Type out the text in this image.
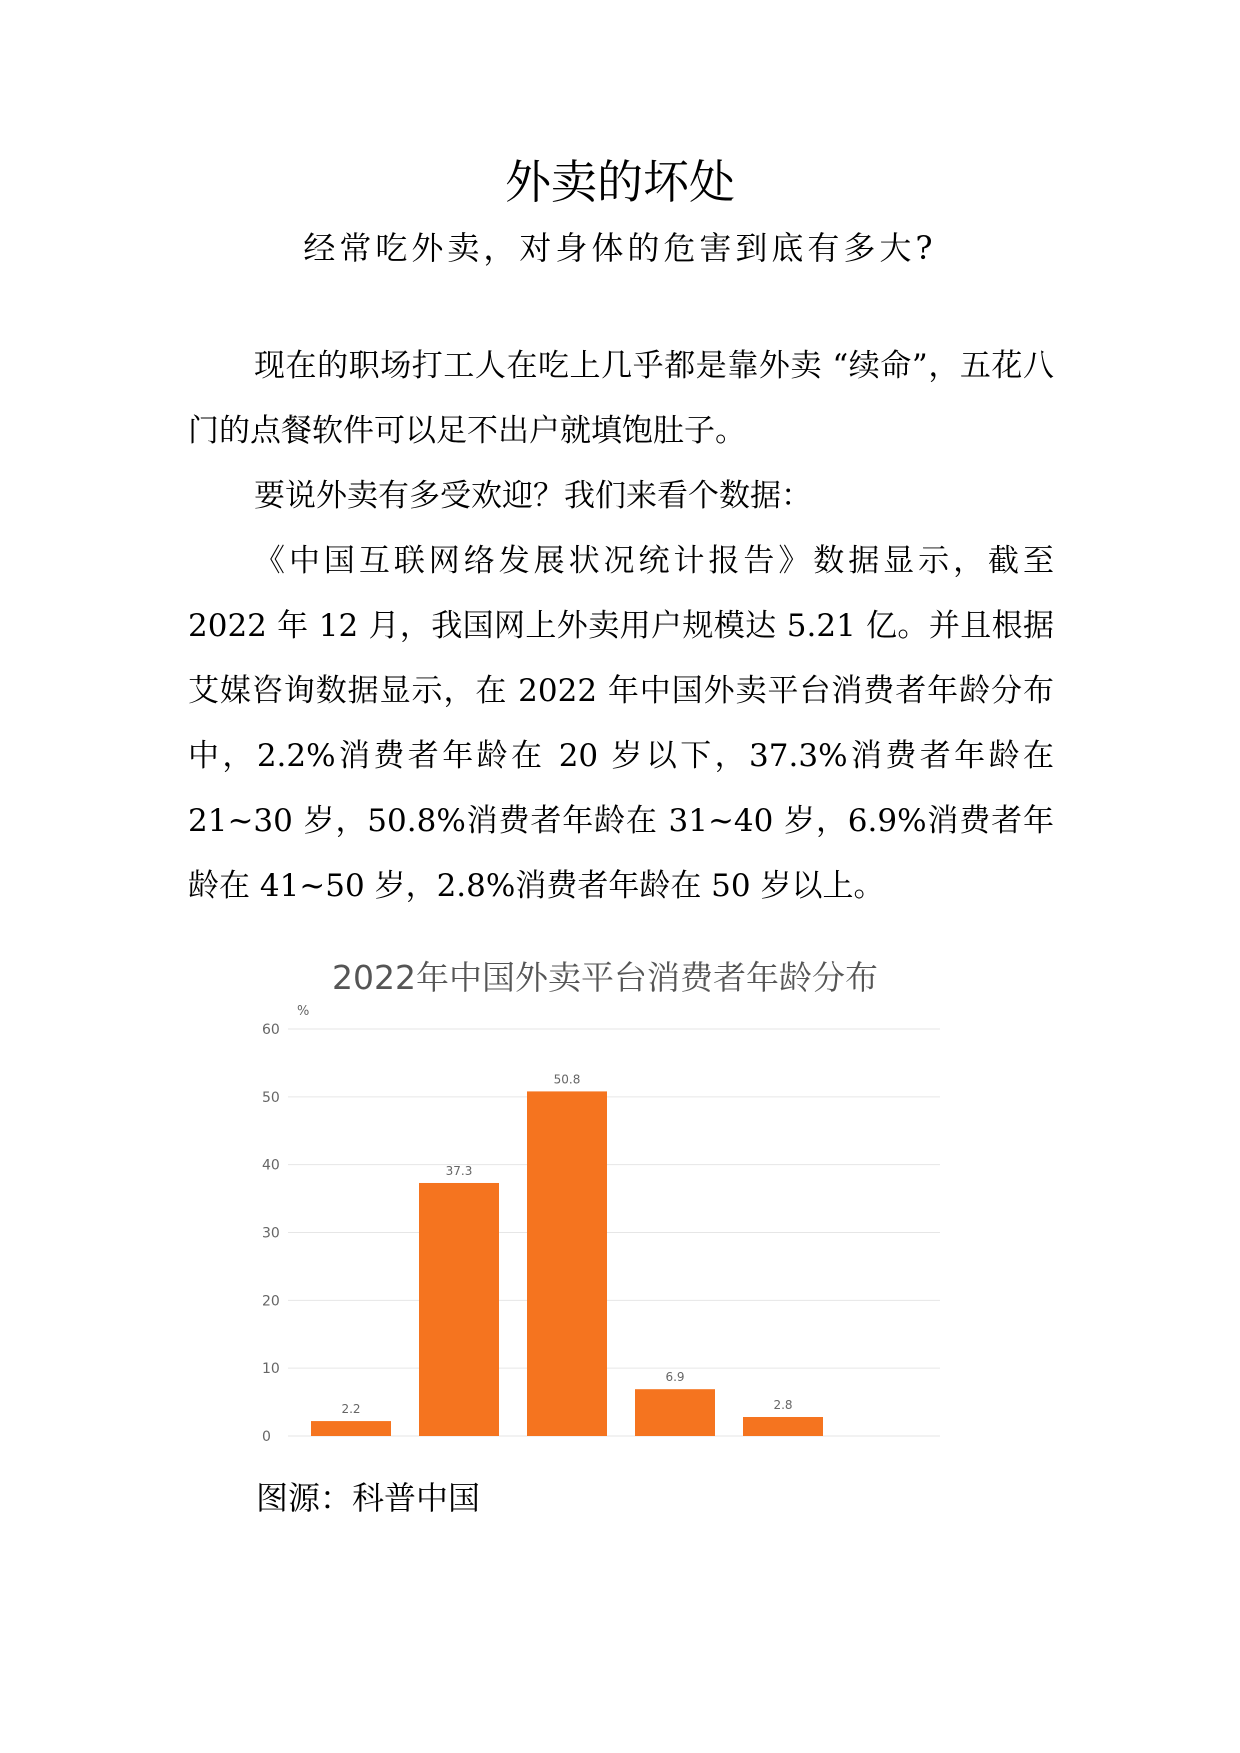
外卖的坏处
经常吃外卖，对身体的危害到底有多大?

现在的职场打工人在吃上几乎都是靠外卖 “续命”，五花八门的点餐软件可以足不出户就填饱肚子。

要说外卖有多受欢迎？我们来看个数据：

《中国互联网络发展状况统计报告》数据显示，截至 2022 年 12 月，我国网上外卖用户规模达 5.21 亿。并且根据艾媒咨询数据显示，在 2022 年中国外卖平台消费者年龄分布中，2.2%消费者年龄在 20 岁以下，37.3%消费者年龄在 21~30 岁，50.8%消费者年龄在 31~40 岁，6.9%消费者年龄在 41~50 岁，2.8%消费者年龄在 50 岁以上。

2022年中国外卖平台消费者年龄分布
%
0
10
20
30
40
50
60
2.2
37.3
50.8
6.9
2.8
图源：科普中国
